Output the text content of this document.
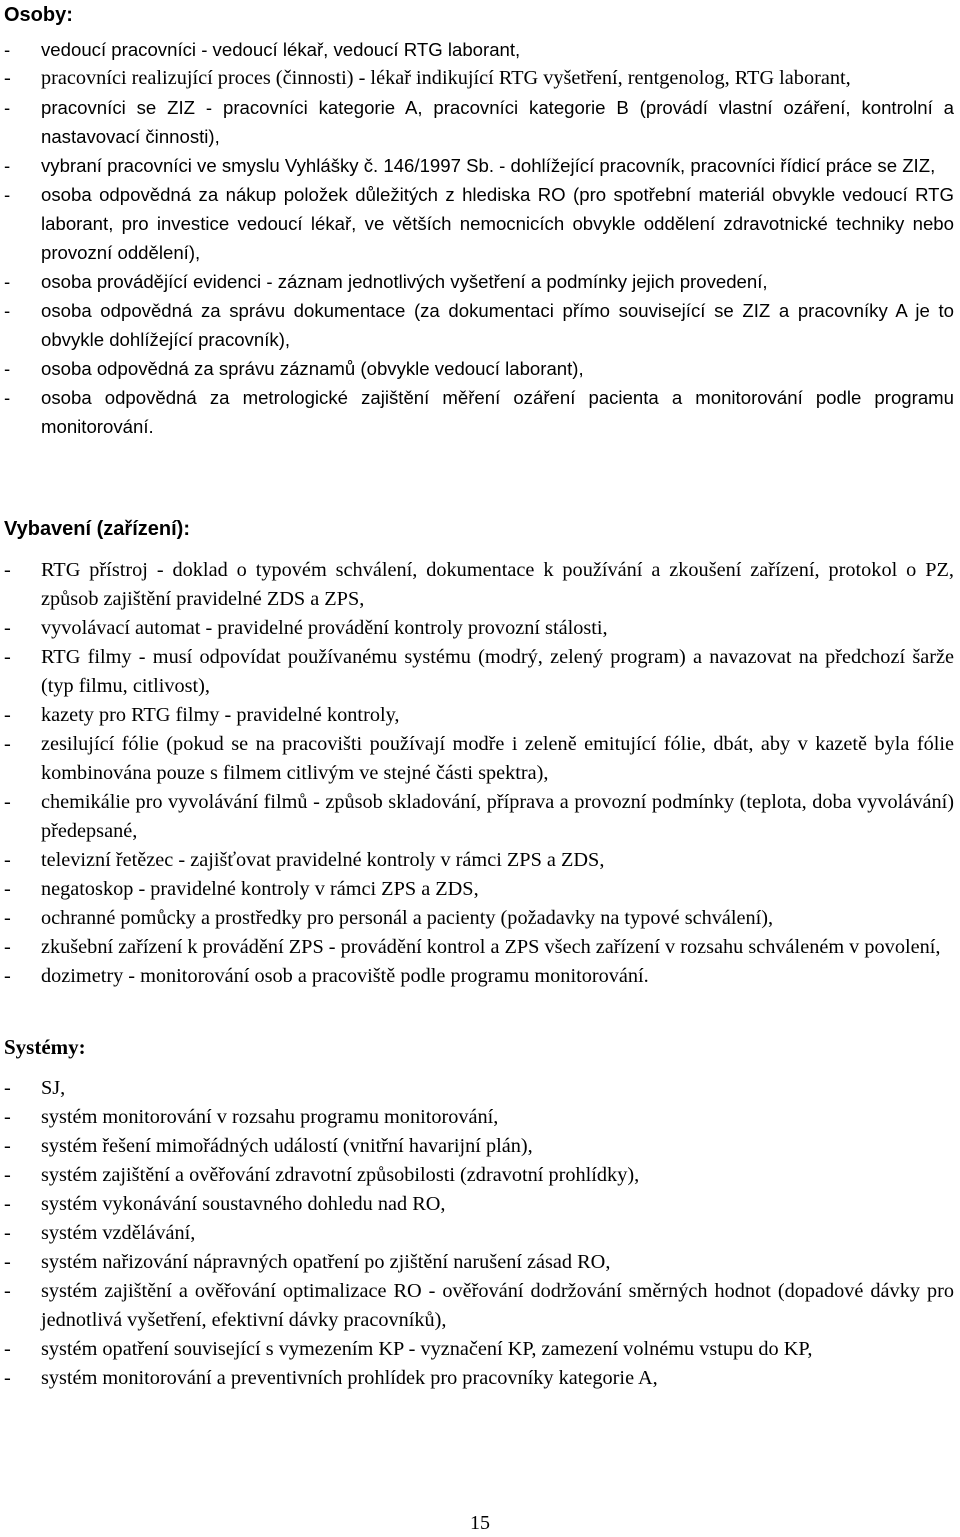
Osoby:
- vedoucí pracovníci - vedoucí lékař, vedoucí RTG laborant,
- pracovníci realizující proces (činnosti) - lékař indikující RTG vyšetření, rentgenolog, RTG laborant,
- pracovníci se ZIZ - pracovníci kategorie A, pracovníci kategorie B (provádí vlastní ozáření, kontrolní a nastavovací činnosti),
- vybraní pracovníci ve smyslu Vyhlášky č. 146/1997 Sb. - dohlížející pracovník, pracovníci řídicí práce se ZIZ,
- osoba odpovědná za nákup položek důležitých z hlediska RO (pro spotřební materiál obvykle vedoucí RTG laborant, pro investice vedoucí lékař, ve větších nemocnicích obvykle oddělení zdravotnické techniky nebo provozní oddělení),
- osoba provádějící evidenci - záznam jednotlivých vyšetření a podmínky jejich provedení,
- osoba odpovědná za správu dokumentace (za dokumentaci přímo související se ZIZ a pracovníky A je to obvykle dohlížející pracovník),
- osoba odpovědná za správu záznamů (obvykle vedoucí laborant),
- osoba odpovědná za metrologické zajištění měření ozáření pacienta a monitorování podle programu monitorování.
Vybavení (zařízení):
- RTG přístroj - doklad o typovém schválení, dokumentace k používání a zkoušení zařízení, protokol o PZ, způsob zajištění pravidelné ZDS a ZPS,
- vyvolávací automat - pravidelné provádění kontroly provozní stálosti,
- RTG filmy - musí odpovídat používanému systému (modrý, zelený program) a navazovat na předchozí šarže (typ filmu, citlivost),
- kazety pro RTG filmy - pravidelné kontroly,
- zesilující fólie (pokud se na pracovišti používají modře i zeleně emitující fólie, dbát, aby v kazetě byla fólie kombinována pouze s filmem citlivým ve stejné části spektra),
- chemikálie pro vyvolávání filmů - způsob skladování, příprava a provozní podmínky (teplota, doba vyvolávání) předepsané,
- televizní řetězec - zajišťovat pravidelné kontroly v rámci ZPS a ZDS,
- negatoskop - pravidelné kontroly v rámci ZPS a ZDS,
- ochranné pomůcky a prostředky pro personál a pacienty (požadavky na typové schválení),
- zkušební zařízení k provádění ZPS - provádění kontrol a ZPS všech zařízení v rozsahu schváleném v povolení,
- dozimetry - monitorování osob a pracoviště podle programu monitorování.
Systémy:
- SJ,
- systém monitorování v rozsahu programu monitorování,
- systém řešení mimořádných událostí (vnitřní havarijní plán),
- systém zajištění a ověřování zdravotní způsobilosti (zdravotní prohlídky),
- systém vykonávání soustavného dohledu nad RO,
- systém vzdělávání,
- systém nařizování nápravných opatření po zjištění narušení zásad RO,
- systém zajištění a ověřování optimalizace RO - ověřování dodržování směrných hodnot (dopadové dávky pro jednotlivá vyšetření, efektivní dávky pracovníků),
- systém opatření související s vymezením KP - vyznačení KP, zamezení volnému vstupu do KP,
- systém monitorování a preventivních prohlídek pro pracovníky kategorie A,
15
